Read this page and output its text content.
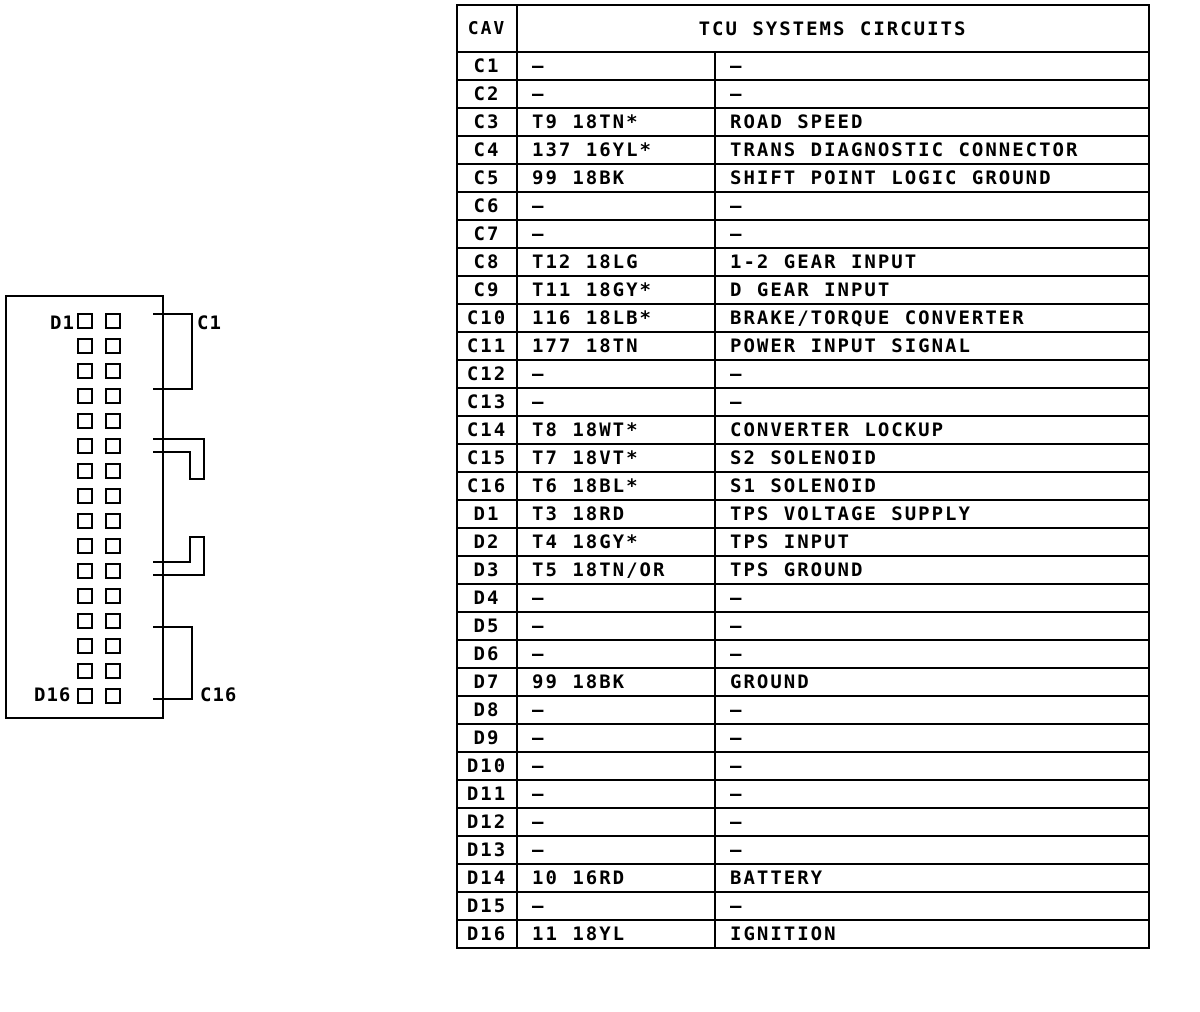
D1
D16
C1
C16
CAV	TCU SYSTEMS CIRCUITS	
C1	—	—
C2	—	—
C3	T9 18TN*	ROAD SPEED
C4	137 16YL*	TRANS DIAGNOSTIC CONNECTOR
C5	99 18BK	SHIFT POINT LOGIC GROUND
C6	—	—
C7	—	—
C8	T12 18LG	1-2 GEAR INPUT
C9	T11 18GY*	D GEAR INPUT
C10	116 18LB*	BRAKE/TORQUE CONVERTER
C11	177 18TN	POWER INPUT SIGNAL
C12	—	—
C13	—	—
C14	T8 18WT*	CONVERTER LOCKUP
C15	T7 18VT*	S2 SOLENOID
C16	T6 18BL*	S1 SOLENOID
D1	T3 18RD	TPS VOLTAGE SUPPLY
D2	T4 18GY*	TPS INPUT
D3	T5 18TN/OR	TPS GROUND
D4	—	—
D5	—	—
D6	—	—
D7	99 18BK	GROUND
D8	—	—
D9	—	—
D10	—	—
D11	—	—
D12	—	—
D13	—	—
D14	10 16RD	BATTERY
D15	—	—
D16	11 18YL	IGNITION
